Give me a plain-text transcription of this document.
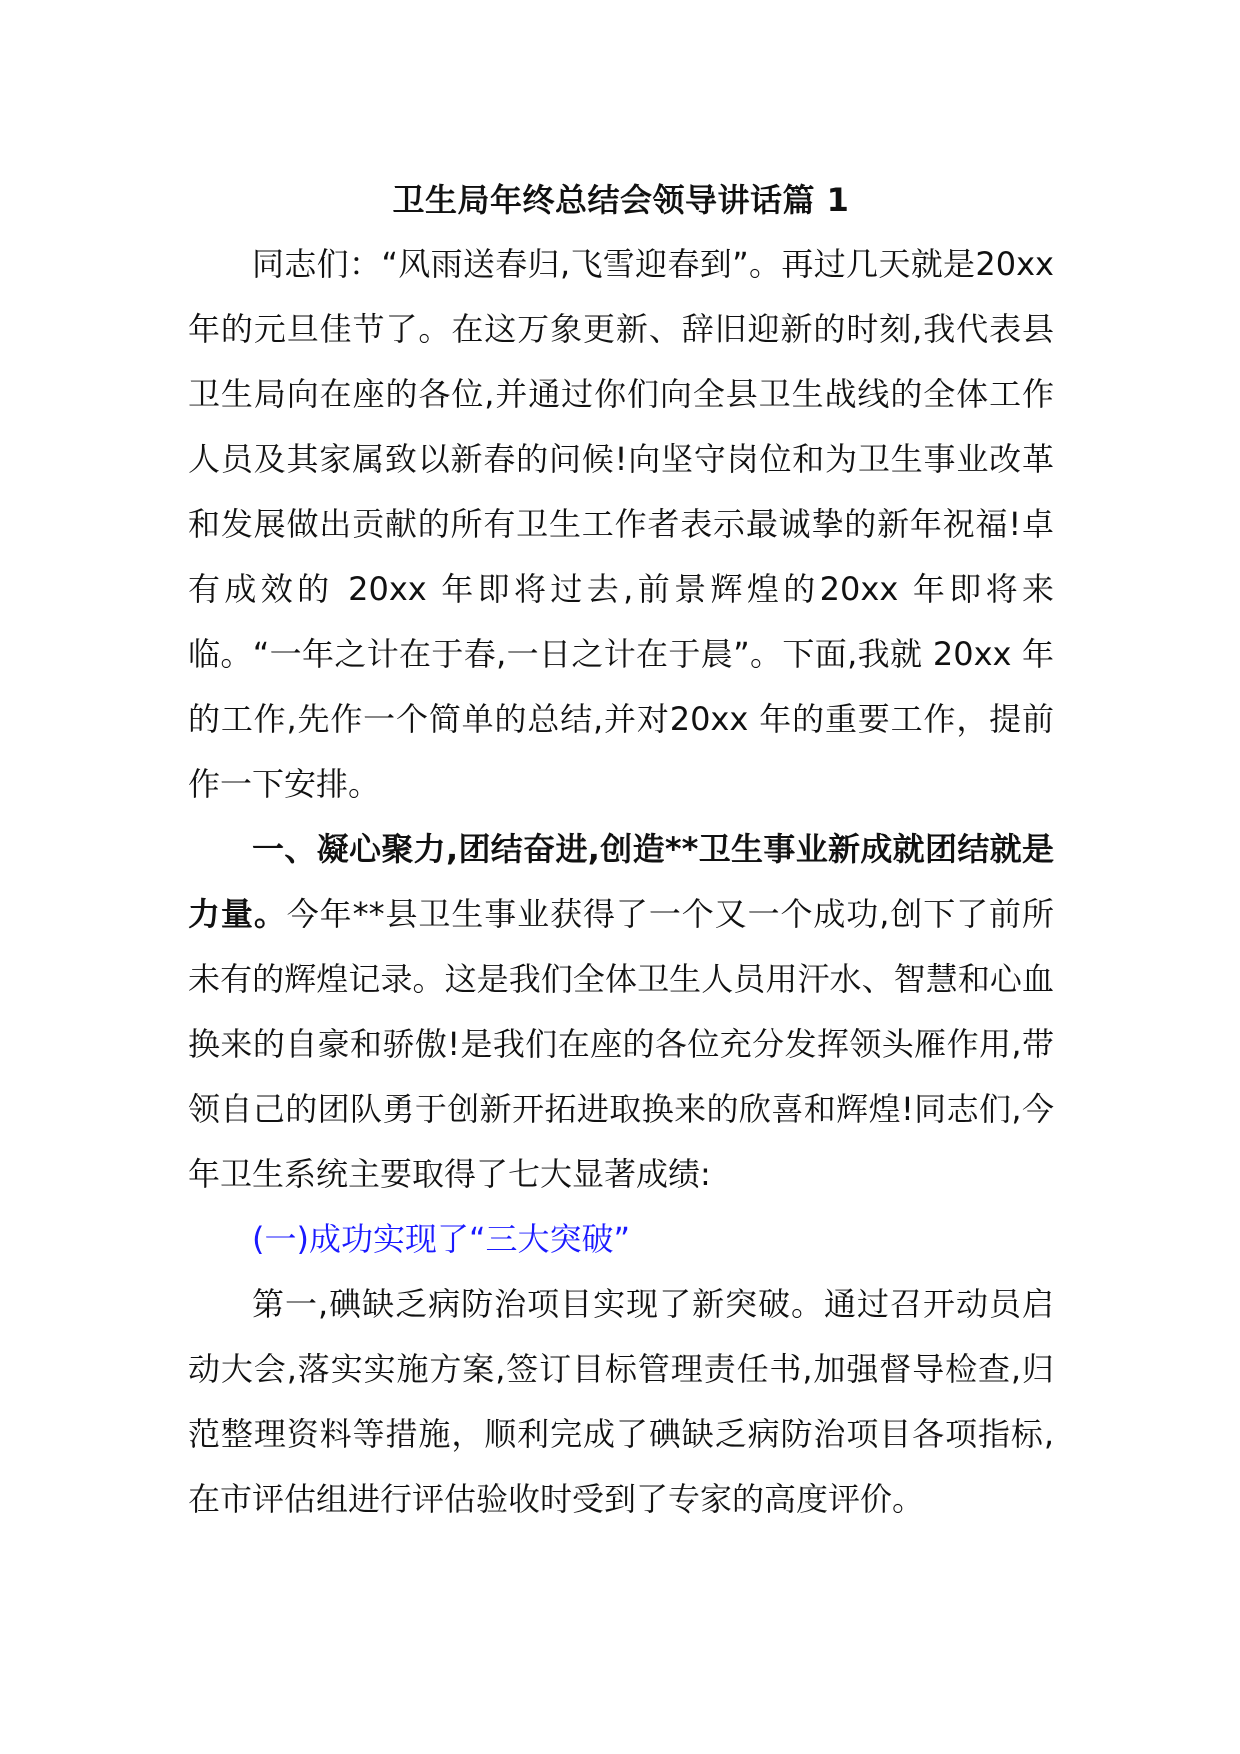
卫生局年终总结会领导讲话篇 1

同志们：“风雨送春归,飞雪迎春到”。再过几天就是20xx 年的元旦佳节了。在这万象更新、辞旧迎新的时刻,我代表县卫生局向在座的各位,并通过你们向全县卫生战线的全体工作人员及其家属致以新春的问候!向坚守岗位和为卫生事业改革和发展做出贡献的所有卫生工作者表示最诚挚的新年祝福!卓有成效的 20xx 年即将过去,前景辉煌的20xx 年即将来临。“一年之计在于春,一日之计在于晨”。下面,我就 20xx 年的工作,先作一个简单的总结,并对20xx 年的重要工作，提前作一下安排。

一、凝心聚力,团结奋进,创造**卫生事业新成就团结就是力量。今年**县卫生事业获得了一个又一个成功,创下了前所未有的辉煌记录。这是我们全体卫生人员用汗水、智慧和心血换来的自豪和骄傲!是我们在座的各位充分发挥领头雁作用,带领自己的团队勇于创新开拓进取换来的欣喜和辉煌!同志们,今年卫生系统主要取得了七大显著成绩:

(一)成功实现了“三大突破”

第一,碘缺乏病防治项目实现了新突破。通过召开动员启动大会,落实实施方案,签订目标管理责任书,加强督导检查,归范整理资料等措施，顺利完成了碘缺乏病防治项目各项指标,在市评估组进行评估验收时受到了专家的高度评价。
